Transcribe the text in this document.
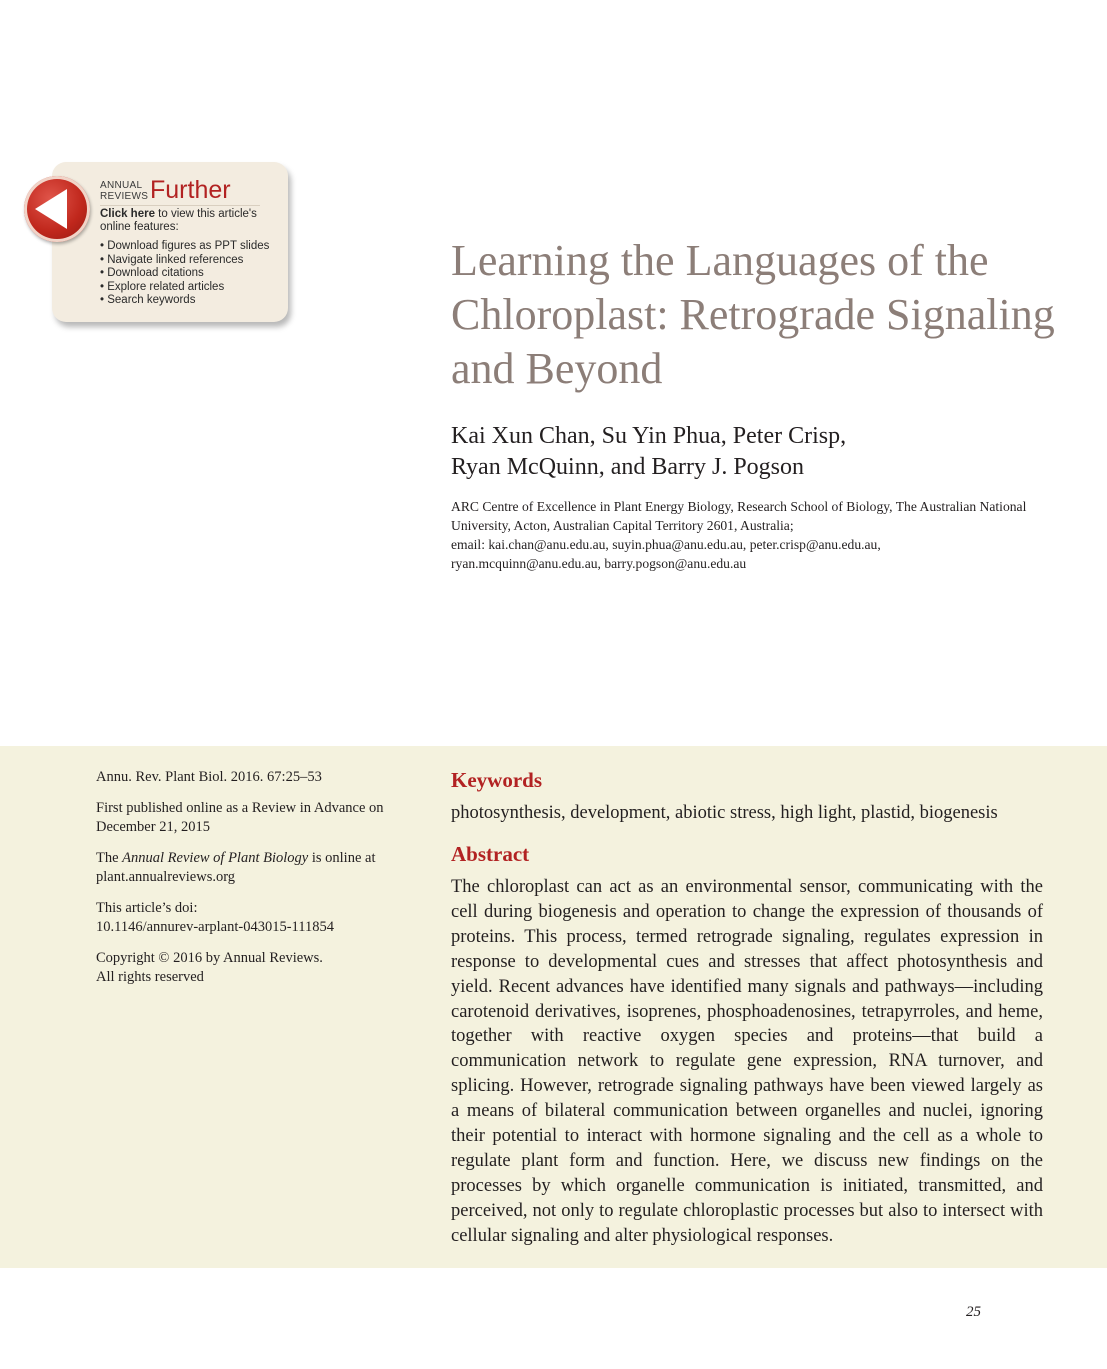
ANNUAL
REVIEWS Further
Click here to view this article's online features:
• Download figures as PPT slides
• Navigate linked references
• Download citations
• Explore related articles
• Search keywords
Learning the Languages of the Chloroplast: Retrograde Signaling and Beyond
Kai Xun Chan, Su Yin Phua, Peter Crisp,
Ryan McQuinn, and Barry J. Pogson
ARC Centre of Excellence in Plant Energy Biology, Research School of Biology, The Australian National University, Acton, Australian Capital Territory 2601, Australia;
email: kai.chan@anu.edu.au, suyin.phua@anu.edu.au, peter.crisp@anu.edu.au,
ryan.mcquinn@anu.edu.au, barry.pogson@anu.edu.au

Annu. Rev. Plant Biol. 2016. 67:25–53

First published online as a Review in Advance on December 21, 2015

The Annual Review of Plant Biology is online at plant.annualreviews.org

This article’s doi:
10.1146/annurev-arplant-043015-111854

Copyright © 2016 by Annual Reviews.
All rights reserved

Keywords
photosynthesis, development, abiotic stress, high light, plastid, biogenesis
Abstract
The chloroplast can act as an environmental sensor, communicating with the cell during biogenesis and operation to change the expression of thousands of proteins. This process, termed retrograde signaling, regulates expression in response to developmental cues and stresses that affect photosynthesis and yield. Recent advances have identified many signals and pathways—including carotenoid derivatives, isoprenes, phosphoadenosines, tetrapyrroles, and heme, together with reactive oxygen species and proteins—that build a communication network to regulate gene expression, RNA turnover, and splicing. However, retrograde signaling pathways have been viewed largely as a means of bilateral communication between organelles and nuclei, ignoring their potential to interact with hormone signaling and the cell as a whole to regulate plant form and function. Here, we discuss new findings on the processes by which organelle communication is initiated, transmitted, and perceived, not only to regulate chloroplastic processes but also to intersect with cellular signaling and alter physiological responses.
25
